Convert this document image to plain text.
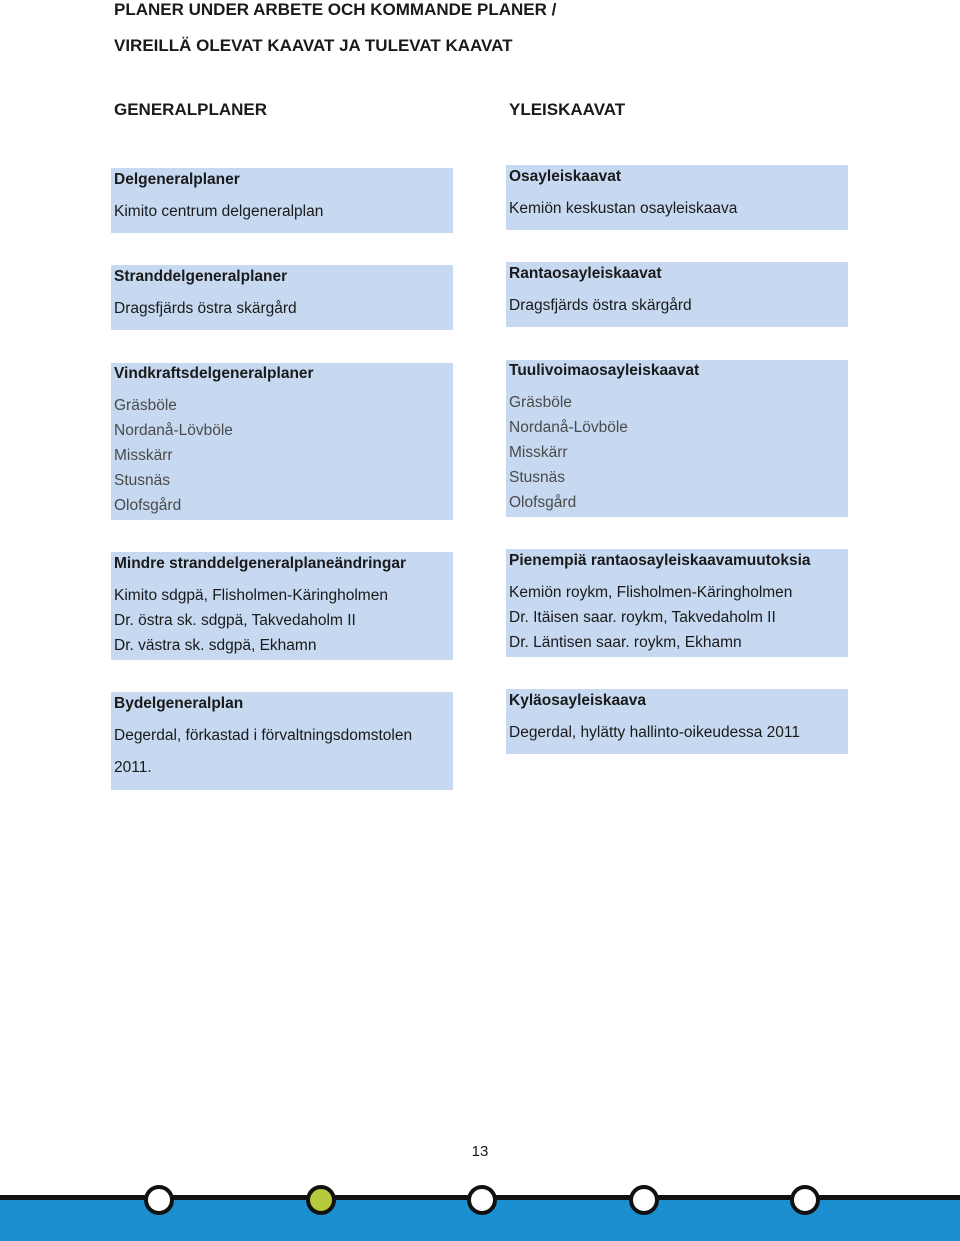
PLANER UNDER ARBETE OCH KOMMANDE PLANER /
VIREILLÄ OLEVAT KAAVAT JA TULEVAT KAAVAT
GENERALPLANER	YLEISKAAVAT
Delgeneralplaner
Kimito centrum delgeneralplan
Stranddelgeneralplaner
Dragsfjärds östra skärgård
Vindkraftsdelgeneralplaner
Gräsböle
Nordanå-Lövböle
Misskärr
Stusnäs
Olofsgård
Mindre stranddelgeneralplaneändringar
Kimito sdgpä, Flisholmen-Käringholmen
Dr. östra sk. sdgpä, Takvedaholm II
Dr. västra sk. sdgpä, Ekhamn
Bydelgeneralplan
Degerdal, förkastad i förvaltningsdomstolen
2011.
Osayleiskaavat
Kemiön keskustan osayleiskaava
Rantaosayleiskaavat
Dragsfjärds östra skärgård
Tuulivoimaosayleiskaavat
Gräsböle
Nordanå-Lövböle
Misskärr
Stusnäs
Olofsgård
Pienempiä rantaosayleiskaavamuutoksia
Kemiön roykm, Flisholmen-Käringholmen
Dr. Itäisen saar. roykm, Takvedaholm II
Dr. Läntisen saar. roykm, Ekhamn
Kyläosayleiskaava
Degerdal, hylätty hallinto-oikeudessa 2011
13
